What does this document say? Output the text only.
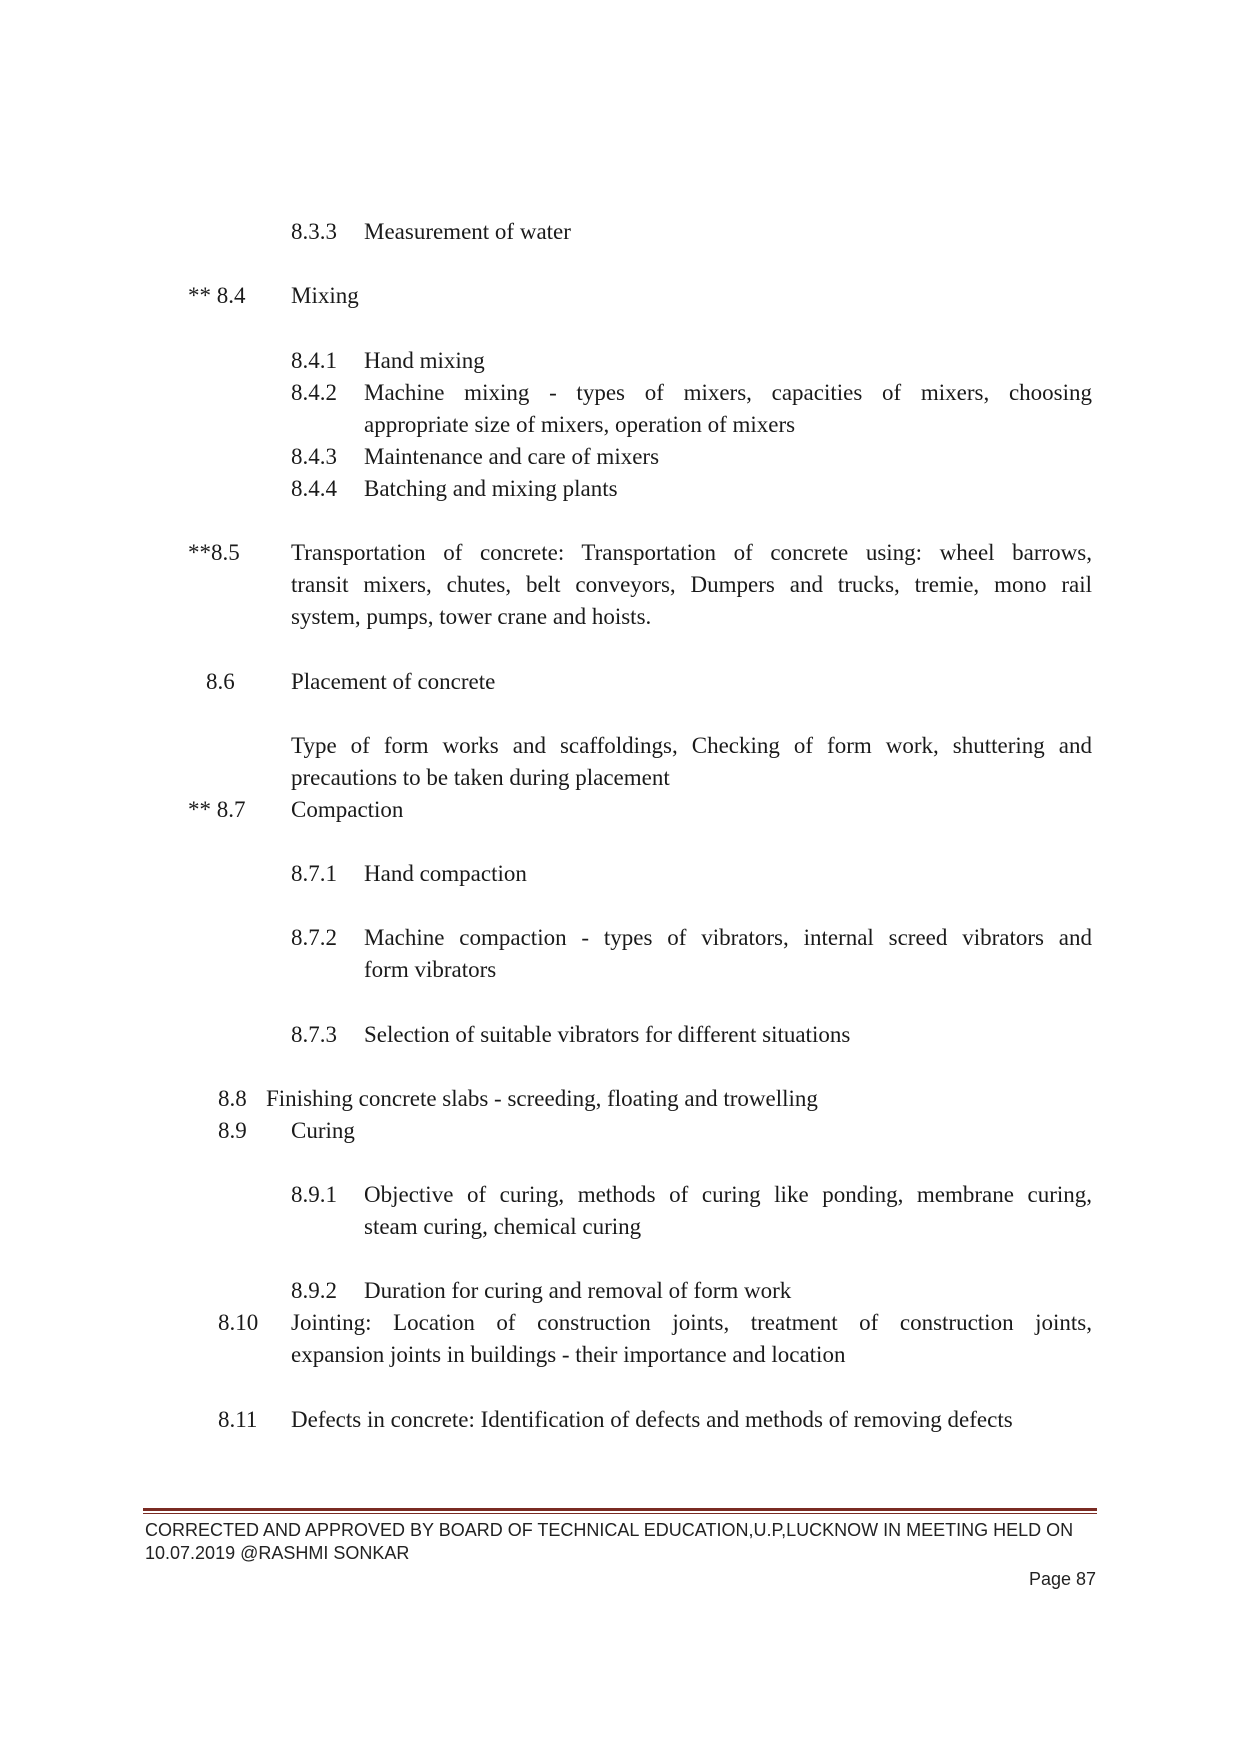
8.3.3 Measurement of water
** 8.4 Mixing
8.4.1 Hand mixing
8.4.2 Machine mixing - types of mixers, capacities of mixers, choosing
appropriate size of mixers, operation of mixers
8.4.3 Maintenance and care of mixers
8.4.4 Batching and mixing plants
**8.5 Transportation of concrete: Transportation of concrete using: wheel barrows,
transit mixers, chutes, belt conveyors, Dumpers and trucks, tremie, mono rail
system, pumps, tower crane and hoists.
8.6 Placement of concrete
Type of form works and scaffoldings, Checking of form work, shuttering and
precautions to be taken during placement
** 8.7 Compaction
8.7.1 Hand compaction
8.7.2 Machine compaction - types of vibrators, internal screed vibrators and
form vibrators
8.7.3 Selection of suitable vibrators for different situations
8.8 Finishing concrete slabs - screeding, floating and trowelling
8.9 Curing
8.9.1 Objective of curing, methods of curing like ponding, membrane curing,
steam curing, chemical curing
8.9.2 Duration for curing and removal of form work
8.10 Jointing: Location of construction joints, treatment of construction joints,
expansion joints in buildings - their importance and location
8.11 Defects in concrete: Identification of defects and methods of removing defects
CORRECTED AND APPROVED BY BOARD OF TECHNICAL EDUCATION,U.P,LUCKNOW IN MEETING HELD ON
10.07.2019 @RASHMI SONKAR
Page 87
